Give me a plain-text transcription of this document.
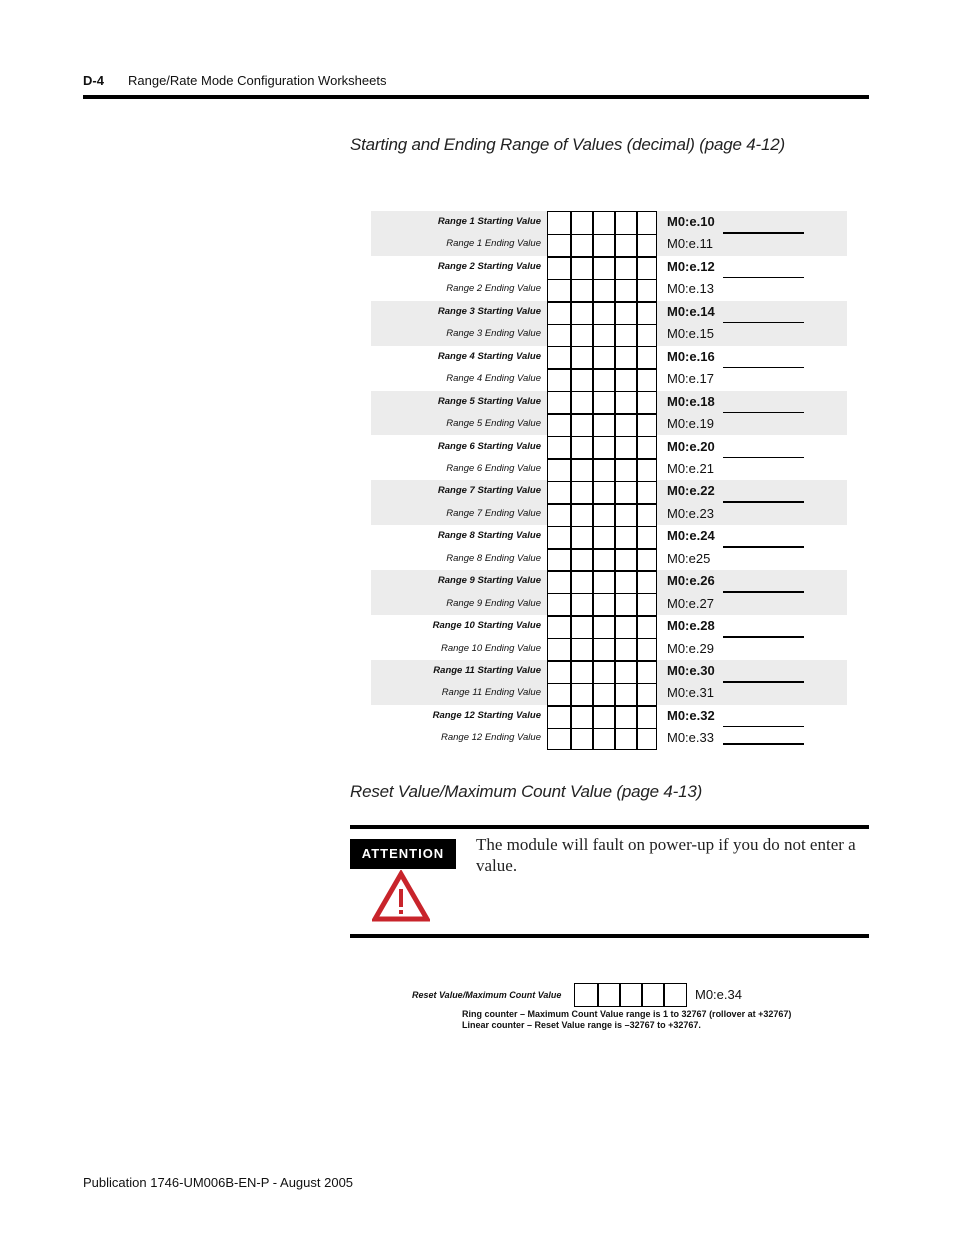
D-4 Range/Rate Mode Configuration Worksheets
Starting and Ending Range of Values (decimal) (page 4-12)
Range 1 Starting Value	M0:e.10
Range 1 Ending Value	M0:e.11
Range 2 Starting Value	M0:e.12
Range 2 Ending Value	M0:e.13
Range 3 Starting Value	M0:e.14
Range 3 Ending Value	M0:e.15
Range 4 Starting Value	M0:e.16
Range 4 Ending Value	M0:e.17
Range 5 Starting Value	M0:e.18
Range 5 Ending Value	M0:e.19
Range 6 Starting Value	M0:e.20
Range 6 Ending Value	M0:e.21
Range 7 Starting Value	M0:e.22
Range 7 Ending Value	M0:e.23
Range 8 Starting Value	M0:e.24
Range 8 Ending Value	M0:e25
Range 9 Starting Value	M0:e.26
Range 9 Ending Value	M0:e.27
Range 10 Starting Value	M0:e.28
Range 10 Ending Value	M0:e.29
Range 11 Starting Value	M0:e.30
Range 11 Ending Value	M0:e.31
Range 12 Starting Value	M0:e.32
Range 12 Ending Value	M0:e.33
Reset Value/Maximum Count Value (page 4-13)
ATTENTION	The module will fault on power-up if you do not enter a value.
Reset Value/Maximum Count Value	M0:e.34
Ring counter – Maximum Count Value range is 1 to 32767 (rollover at +32767)
Linear counter – Reset Value range is –32767 to +32767.
Publication 1746-UM006B-EN-P - August 2005
